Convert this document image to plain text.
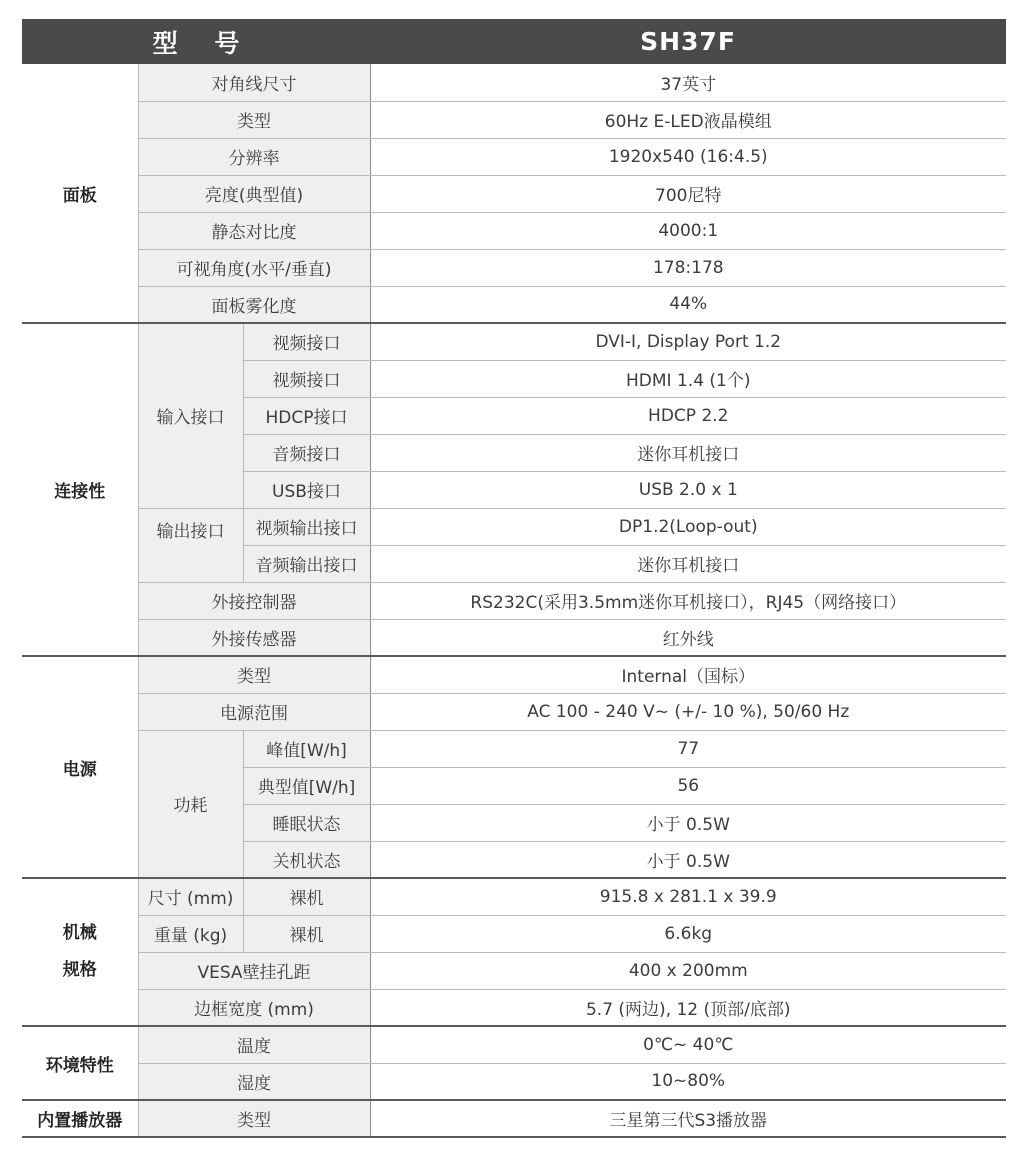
型 号			SH37F
面板	对角线尺寸		37英寸
	类型		60Hz E-LED液晶模组
	分辨率		1920x540 (16:4.5)
	亮度(典型值)		700尼特
	静态对比度		4000:1
	可视角度(水平/垂直)		178:178
	面板雾化度		44%
连接性	输入接口	视频接口	DVI-I, Display Port 1.2
		视频接口	HDMI 1.4 (1个)
		HDCP接口	HDCP 2.2
		音频接口	迷你耳机接口
		USB接口	USB 2.0 x 1
	输出接口	视频输出接口	DP1.2(Loop-out)
		音频输出接口	迷你耳机接口
	外接控制器		RS232C(采用3.5mm迷你耳机接口），RJ45（网络接口）
	外接传感器		红外线
电源	类型		Internal（国标）
	电源范围		AC 100 - 240 V~ (+/- 10 %), 50/60 Hz
	功耗	峰值[W/h]	77
		典型值[W/h]	56
		睡眠状态	小于 0.5W
		关机状态	小于 0.5W

机械
规格	尺寸 (mm)	裸机	915.8 x 281.1 x 39.9
	重量 (kg)	裸机	6.6kg
	VESA壁挂孔距		400 x 200mm
	边框宽度 (mm)		5.7 (两边), 12 (顶部/底部)
环境特性	温度		0℃~ 40℃
	湿度		10~80%
内置播放器	类型		三星第三代S3播放器
